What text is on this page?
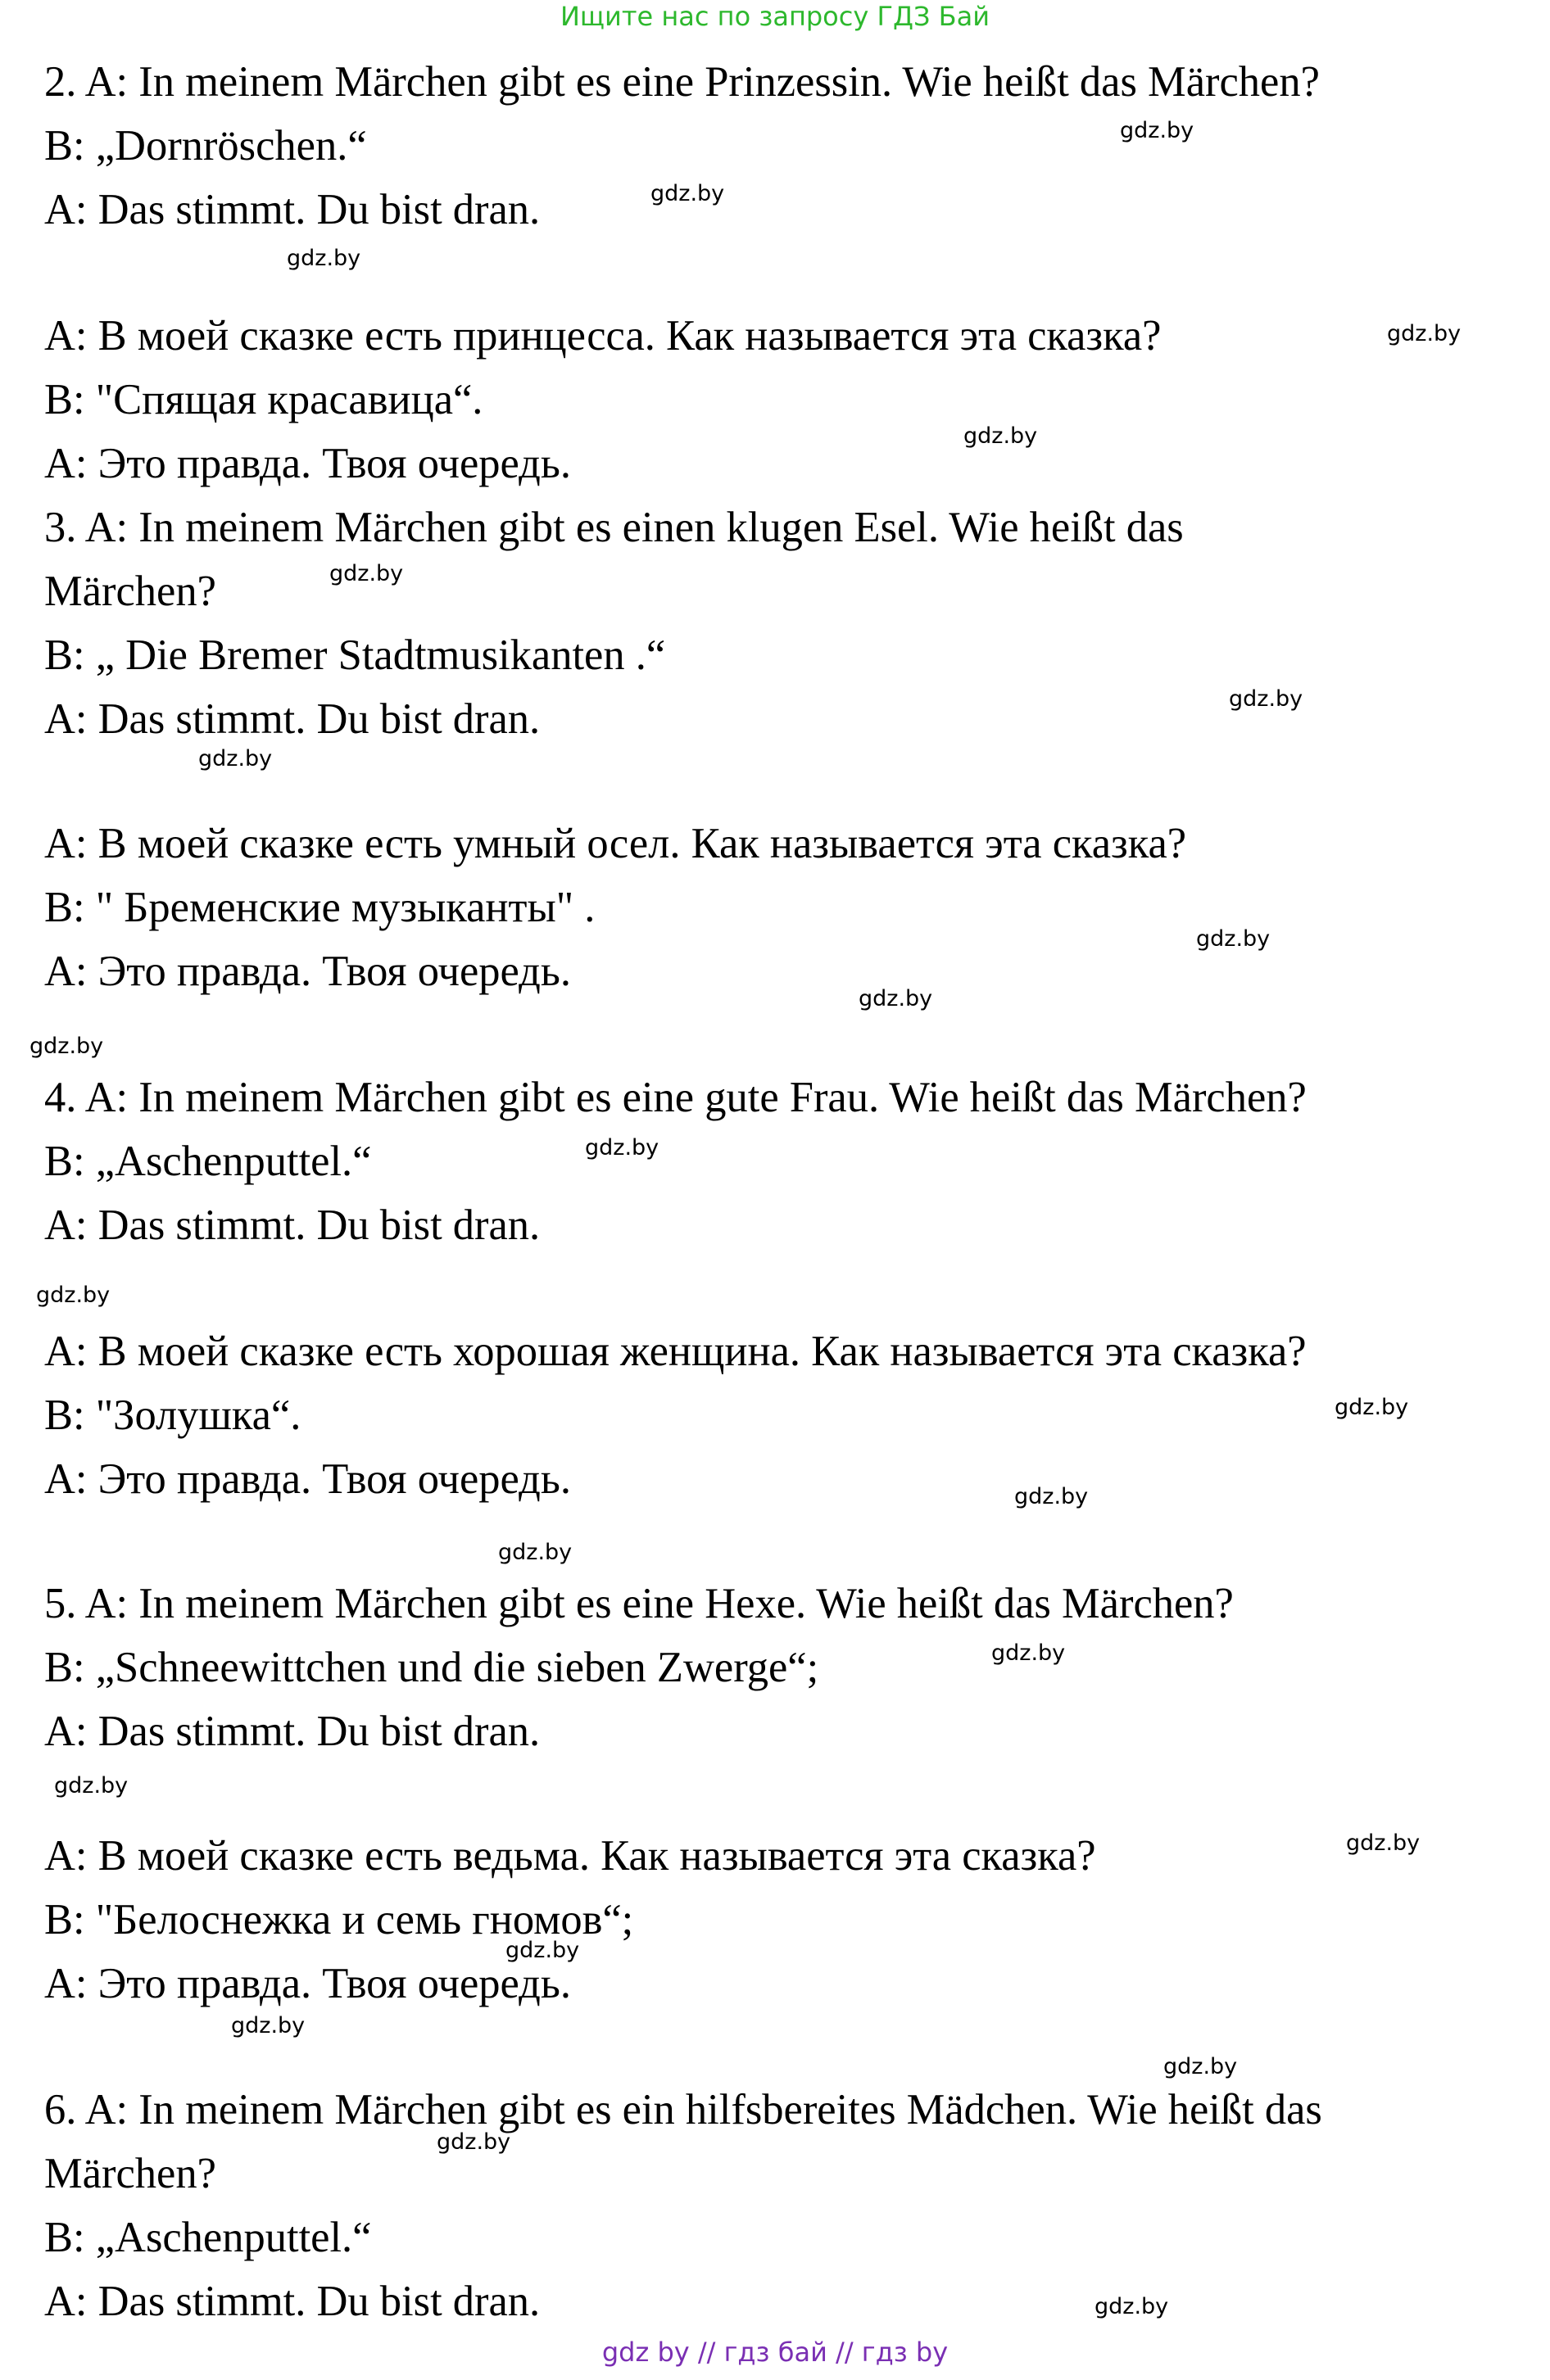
Ищите нас по запросу ГДЗ Бай
2. A: In meinem Märchen gibt es eine Prinzessin. Wie heißt das Märchen?
B: „Dornröschen.“
A: Das stimmt. Du bist dran.
A: В моей сказке есть принцесса. Как называется эта сказка?
B: "Спящая красавица“.
A: Это правда. Твоя очередь.
3. A: In meinem Märchen gibt es einen klugen Esel. Wie heißt das
Märchen?
B: „ Die Bremer Stadtmusikanten .“
A: Das stimmt. Du bist dran.
A: В моей сказке есть умный осел. Как называется эта сказка?
B: " Бременские музыканты" .
A: Это правда. Твоя очередь.
4. A: In meinem Märchen gibt es eine gute Frau. Wie heißt das Märchen?
B: „Aschenputtel.“
A: Das stimmt. Du bist dran.
A: В моей сказке есть хорошая женщина. Как называется эта сказка?
B: "Золушка“.
A: Это правда. Твоя очередь.
5. A: In meinem Märchen gibt es eine Hexe. Wie heißt das Märchen?
B: „Schneewittchen und die sieben Zwerge“;
A: Das stimmt. Du bist dran.
A: В моей сказке есть ведьма. Как называется эта сказка?
B: "Белоснежка и семь гномов“;
A: Это правда. Твоя очередь.
6. A: In meinem Märchen gibt es ein hilfsbereites Mädchen. Wie heißt das
Märchen?
B: „Aschenputtel.“
A: Das stimmt. Du bist dran.
gdz.by
gdz.by
gdz.by
gdz.by
gdz.by
gdz.by
gdz.by
gdz.by
gdz.by
gdz.by
gdz.by
gdz.by
gdz.by
gdz.by
gdz.by
gdz.by
gdz.by
gdz.by
gdz.by
gdz.by
gdz.by
gdz.by
gdz.by
gdz.by
gdz by // гдз бай // гдз by
